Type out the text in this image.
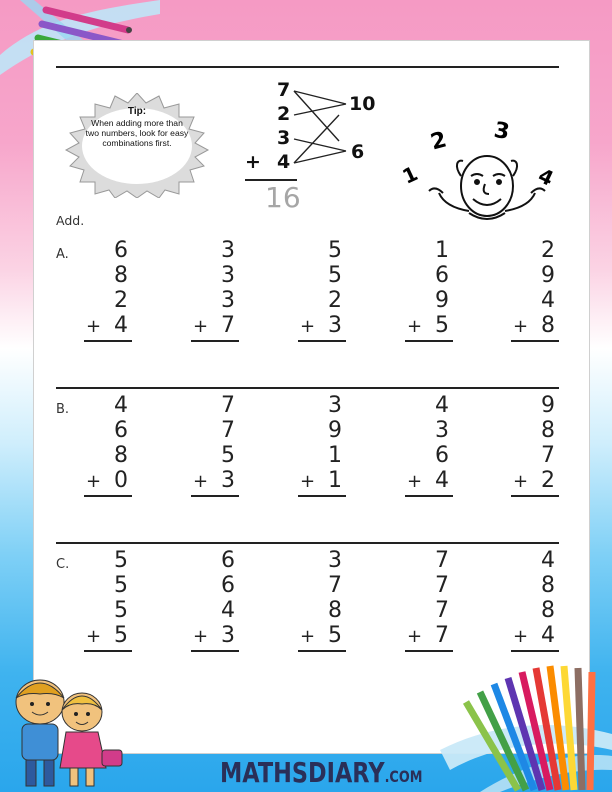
Tip:
When adding more than two numbers, look for easy combinations first.
7
2
3
4
+
16
10
6
1
2 3
4
Add.
A. 6
8
2
+ 4
3
3
3
+ 7
5
5
2
+ 3
1
6
9
+ 5
2
9
4
+ 8
B. 4
6
8
+ 0
7
7
5
+ 3
3
9
1
+ 1
4
3
6
+ 4
9
8
7
+ 2
C. 5
5
5
+ 5
6
6
4
+ 3
3
7
8
+ 5
7
7
7
+ 7
4
8
8
+ 4
MATHSDIARY.COM
